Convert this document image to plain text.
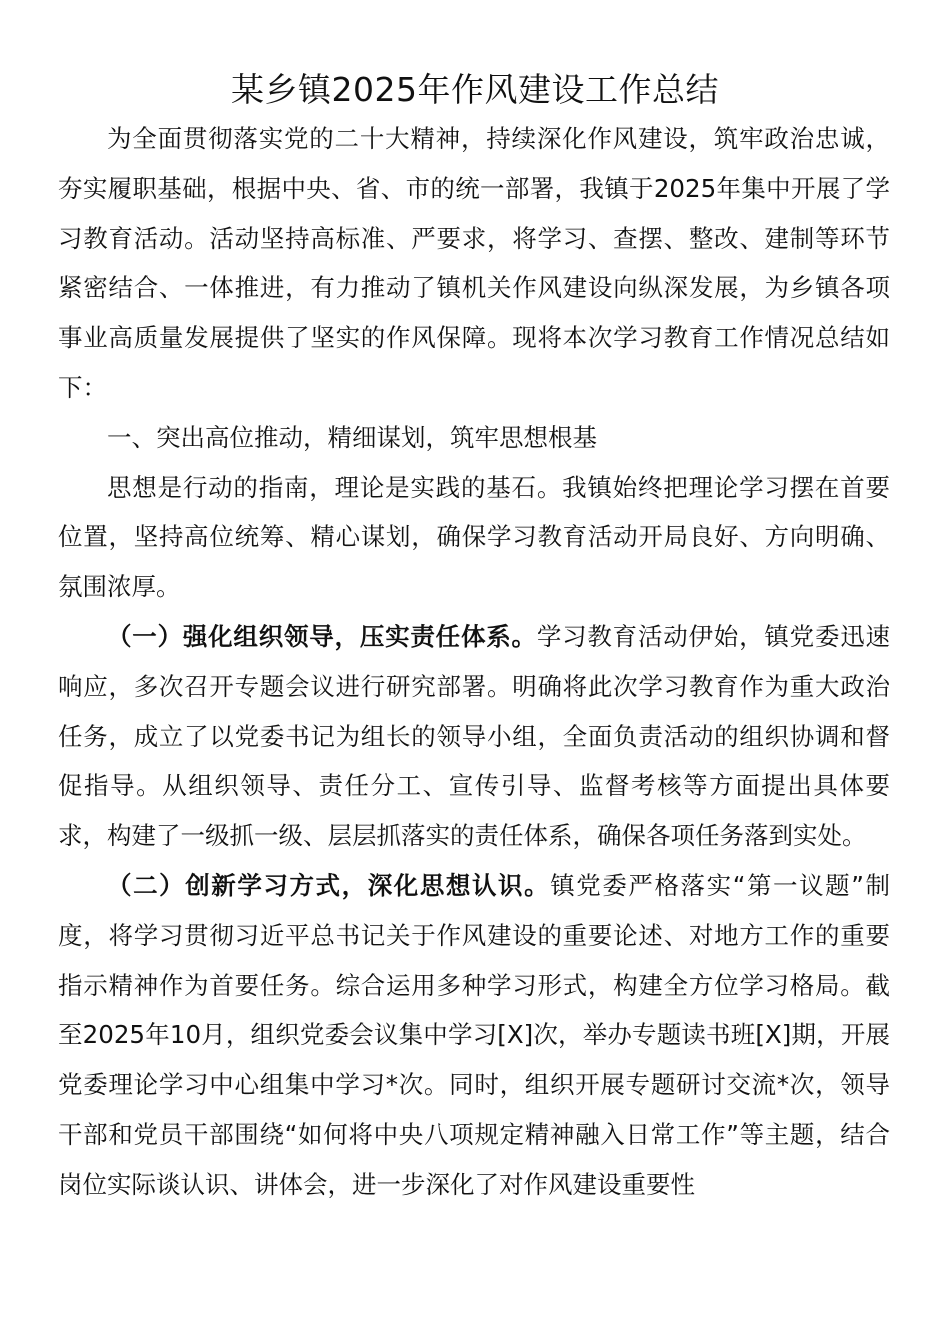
某乡镇2025年作风建设工作总结

为全面贯彻落实党的二十大精神，持续深化作风建设，筑牢政治忠诚，夯实履职基础，根据中央、省、市的统一部署，我镇于2025年集中开展了学习教育活动。活动坚持高标准、严要求，将学习、查摆、整改、建制等环节紧密结合、一体推进，有力推动了镇机关作风建设向纵深发展，为乡镇各项事业高质量发展提供了坚实的作风保障。现将本次学习教育工作情况总结如下：

一、突出高位推动，精细谋划，筑牢思想根基

思想是行动的指南，理论是实践的基石。我镇始终把理论学习摆在首要位置，坚持高位统筹、精心谋划，确保学习教育活动开局良好、方向明确、氛围浓厚。

（一）强化组织领导，压实责任体系。学习教育活动伊始，镇党委迅速响应，多次召开专题会议进行研究部署。明确将此次学习教育作为重大政治任务，成立了以党委书记为组长的领导小组，全面负责活动的组织协调和督促指导。从组织领导、责任分工、宣传引导、监督考核等方面提出具体要求，构建了一级抓一级、层层抓落实的责任体系，确保各项任务落到实处。

（二）创新学习方式，深化思想认识。镇党委严格落实“第一议题”制度，将学习贯彻习近平总书记关于作风建设的重要论述、对地方工作的重要指示精神作为首要任务。综合运用多种学习形式，构建全方位学习格局。截至2025年10月，组织党委会议集中学习[X]次，举办专题读书班[X]期，开展党委理论学习中心组集中学习*次。同时，组织开展专题研讨交流*次，领导干部和党员干部围绕“如何将中央八项规定精神融入日常工作”等主题，结合岗位实际谈认识、讲体会，进一步深化了对作风建设重要性
